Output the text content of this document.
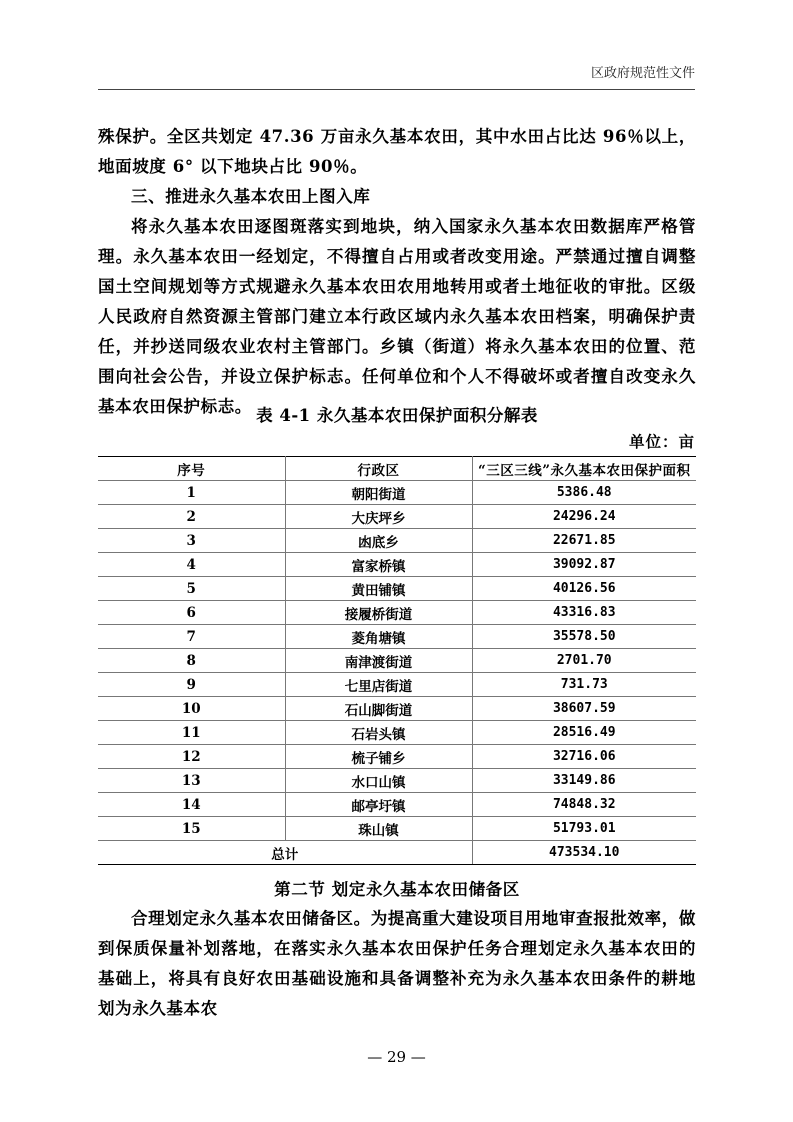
区政府规范性文件

殊保护。全区共划定 47.36 万亩永久基本农田，其中水田占比达 96％以上，地面坡度 6° 以下地块占比 90％。

三、推进永久基本农田上图入库

将永久基本农田逐图斑落实到地块，纳入国家永久基本农田数据库严格管理。永久基本农田一经划定，不得擅自占用或者改变用途。严禁通过擅自调整国土空间规划等方式规避永久基本农田农用地转用或者土地征收的审批。区级人民政府自然资源主管部门建立本行政区域内永久基本农田档案，明确保护责任，并抄送同级农业农村主管部门。乡镇（街道）将永久基本农田的位置、范围向社会公告，并设立保护标志。任何单位和个人不得破坏或者擅自改变永久基本农田保护标志。 表 4-1 永久基本农田保护面积分解表
单位：亩
序号	行政区	“三区三线”永久基本农田保护面积
1	朝阳街道	5386.48
2	大庆坪乡	24296.24
3	凼底乡	22671.85
4	富家桥镇	39092.87
5	黄田铺镇	40126.56
6	接履桥街道	43316.83
7	菱角塘镇	35578.50
8	南津渡街道	2701.70
9	七里店街道	731.73
10	石山脚街道	38607.59
11	石岩头镇	28516.49
12	梳子铺乡	32716.06
13	水口山镇	33149.86
14	邮亭圩镇	74848.32
15	珠山镇	51793.01
总计		473534.10
第二节 划定永久基本农田储备区

合理划定永久基本农田储备区。为提高重大建设项目用地审查报批效率，做到保质保量补划落地，在落实永久基本农田保护任务合理划定永久基本农田的基础上，将具有良好农田基础设施和具备调整补充为永久基本农田条件的耕地划为永久基本农

— 29 —
